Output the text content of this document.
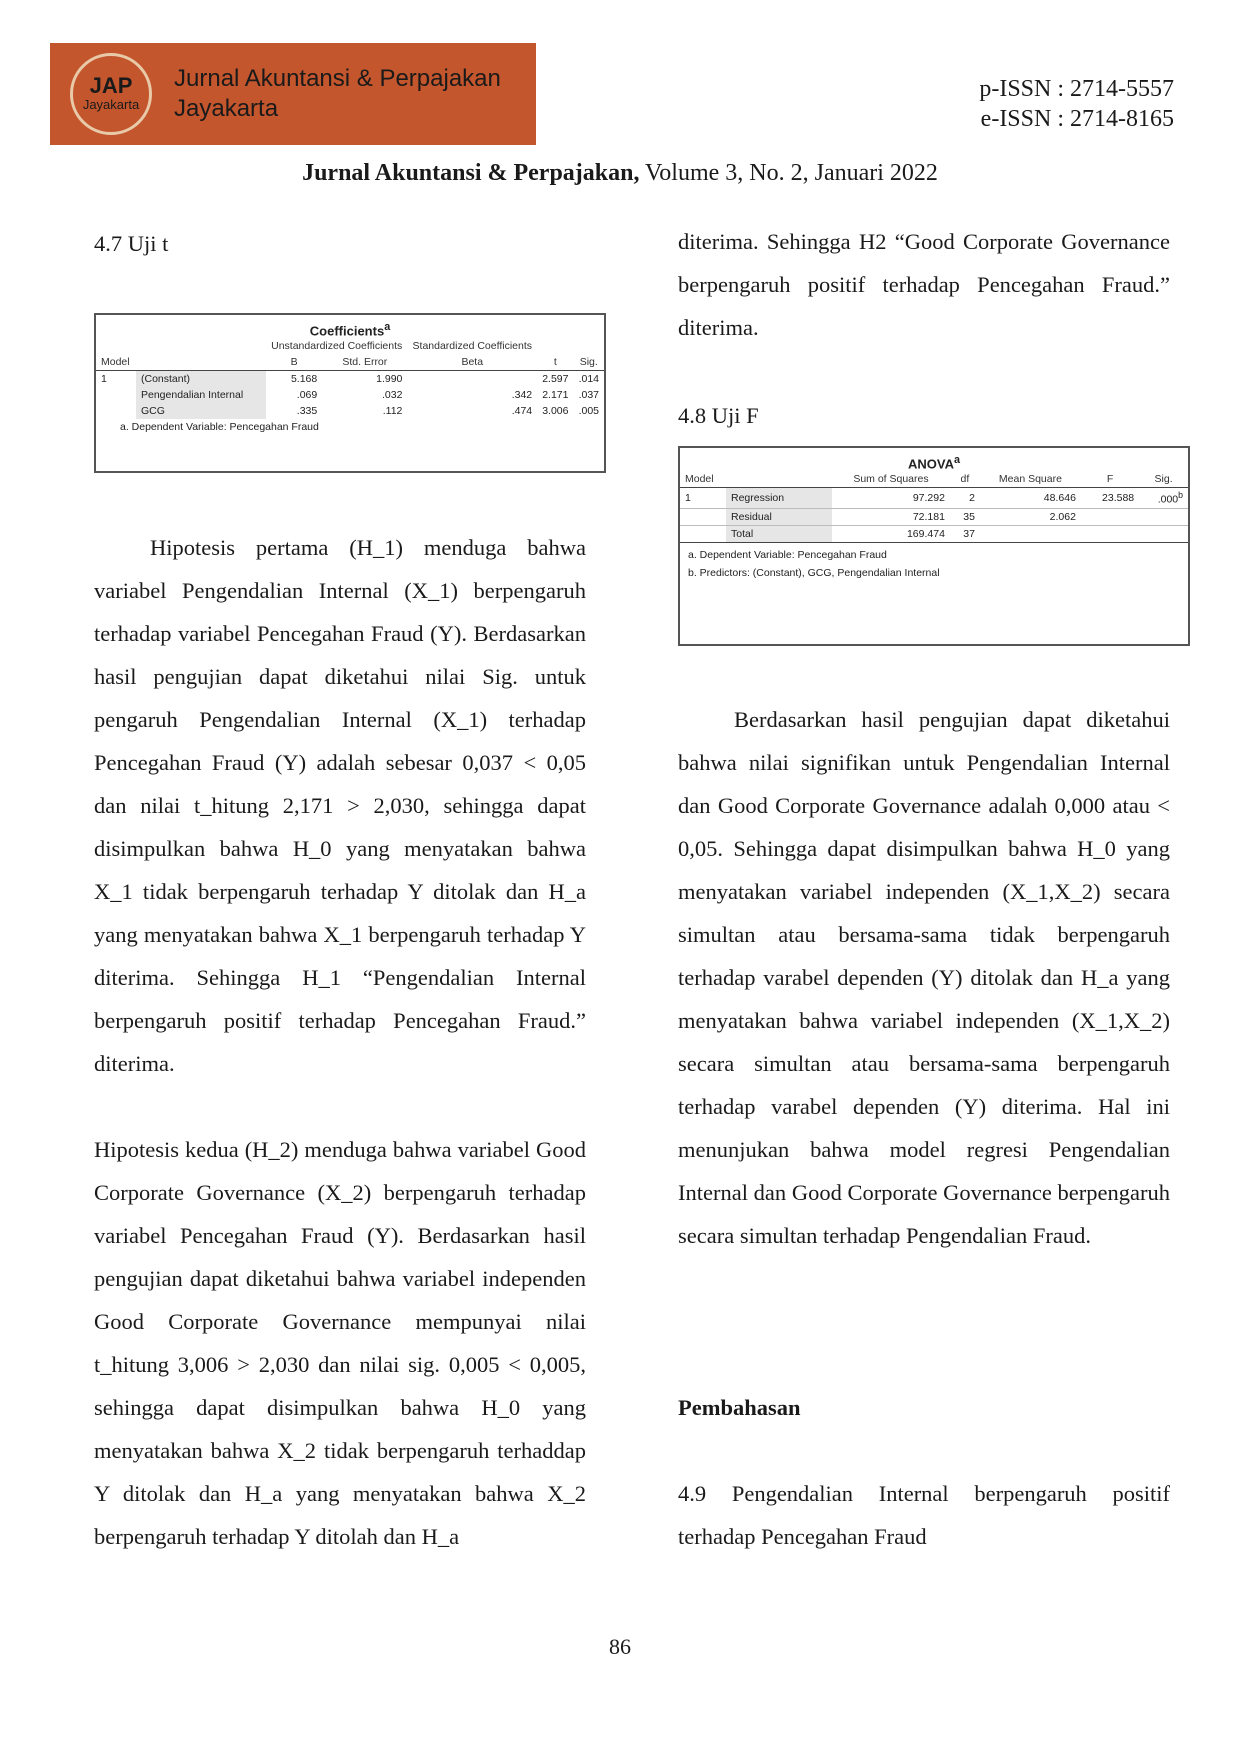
JAP
Jayakarta
Jurnal Akuntansi & Perpajakan
Jayakarta
p-ISSN : 2714-5557
e-ISSN : 2714-8165
Jurnal Akuntansi & Perpajakan, Volume 3, No. 2, Januari 2022
4.7 Uji t
Coefficients$^a$
		Unstandardized Coefficients		Standardized Coefficients		

Model		B	Std. Error	Beta	t	Sig.
1	(Constant)	5.168	1.990		2.597	.014
	Pengendalian Internal	.069	.032	.342	2.171	.037
	GCG	.335	.112	.474	3.006	.005
a. Dependent Variable: Pencegahan Fraud
Hipotesis pertama (H_1) menduga bahwa variabel Pengendalian Internal (X_1) berpengaruh terhadap variabel Pencegahan Fraud (Y). Berdasarkan hasil pengujian dapat diketahui nilai Sig. untuk pengaruh Pengendalian Internal (X_1) terhadap Pencegahan Fraud (Y) adalah sebesar 0,037 < 0,05 dan nilai t_hitung 2,171 > 2,030, sehingga dapat disimpulkan bahwa H_0 yang menyatakan bahwa X_1 tidak berpengaruh terhadap Y ditolak dan H_a yang menyatakan bahwa X_1 berpengaruh terhadap Y diterima. Sehingga H_1 “Pengendalian Internal berpengaruh positif terhadap Pencegahan Fraud.” diterima.
Hipotesis kedua (H_2) menduga bahwa variabel Good Corporate Governance (X_2) berpengaruh terhadap variabel Pencegahan Fraud (Y). Berdasarkan hasil pengujian dapat diketahui bahwa variabel independen Good Corporate Governance mempunyai nilai t_hitung 3,006 > 2,030 dan nilai sig. 0,005 < 0,005, sehingga dapat disimpulkan bahwa H_0 yang menyatakan bahwa X_2 tidak berpengaruh terhaddap Y ditolak dan H_a yang menyatakan bahwa X_2 berpengaruh terhadap Y ditolah dan H_a
diterima. Sehingga H2 “Good Corporate Governance berpengaruh positif terhadap Pencegahan Fraud.” diterima.
4.8 Uji F
ANOVA$^a$
Model		Sum of Squares	df	Mean Square	F	Sig.
1	Regression	97.292	2	48.646	23.588	.000$^b$
	Residual	72.181	35	2.062		
	Total	169.474	37			
a. Dependent Variable: Pencegahan Fraud
b. Predictors: (Constant), GCG, Pengendalian Internal
Berdasarkan hasil pengujian dapat diketahui bahwa nilai signifikan untuk Pengendalian Internal dan Good Corporate Governance adalah 0,000 atau < 0,05. Sehingga dapat disimpulkan bahwa H_0 yang menyatakan variabel independen (X_1,X_2) secara simultan atau bersama-sama tidak berpengaruh terhadap varabel dependen (Y) ditolak dan H_a yang menyatakan bahwa variabel independen (X_1,X_2) secara simultan atau bersama-sama berpengaruh terhadap varabel dependen (Y) diterima. Hal ini menunjukan bahwa model regresi Pengendalian Internal dan Good Corporate Governance berpengaruh secara simultan terhadap Pengendalian Fraud.
Pembahasan
4.9 Pengendalian Internal berpengaruh positif terhadap Pencegahan Fraud
86
